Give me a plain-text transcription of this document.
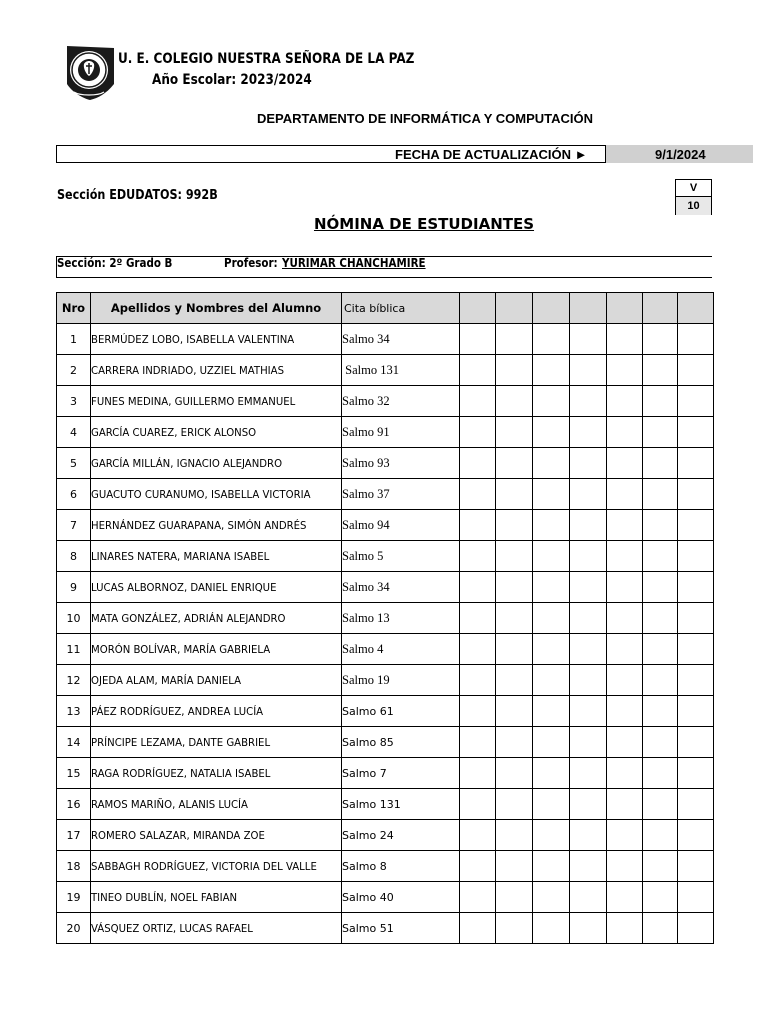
U. E. COLEGIO NUESTRA SEÑORA DE LA PAZ
Año Escolar: 2023/2024
DEPARTAMENTO DE INFORMÁTICA Y COMPUTACIÓN
FECHA DE ACTUALIZACIÓN ►	9/1/2024
Sección EDUDATOS: 992B	V
10
NÓMINA DE ESTUDIANTES
Sección: 2º Grado B	Profesor: YURIMAR CHANCHAMIRE
Nro	Apellidos y Nombres del Alumno	Cita bíblica							
1	BERMÚDEZ LOBO, ISABELLA VALENTINA	Salmo 34							
2	CARRERA INDRIADO, UZZIEL MATHIAS	Salmo 131							
3	FUNES MEDINA, GUILLERMO EMMANUEL	Salmo 32							
4	GARCÍA CUAREZ, ERICK ALONSO	Salmo 91							
5	GARCÍA MILLÁN, IGNACIO ALEJANDRO	Salmo 93							
6	GUACUTO CURANUMO, ISABELLA VICTORIA	Salmo 37							
7	HERNÁNDEZ GUARAPANA, SIMÓN ANDRÉS	Salmo 94							
8	LINARES NATERA, MARIANA ISABEL	Salmo 5							
9	LUCAS ALBORNOZ, DANIEL ENRIQUE	Salmo 34							
10	MATA GONZÁLEZ, ADRIÁN ALEJANDRO	Salmo 13							
11	MORÓN BOLÍVAR, MARÍA GABRIELA	Salmo 4							
12	OJEDA ALAM, MARÍA DANIELA	Salmo 19							
13	PÁEZ RODRÍGUEZ, ANDREA LUCÍA	Salmo 61							
14	PRÍNCIPE LEZAMA, DANTE GABRIEL	Salmo 85							
15	RAGA RODRÍGUEZ, NATALIA ISABEL	Salmo 7							
16	RAMOS MARIÑO, ALANIS LUCÍA	Salmo 131							
17	ROMERO SALAZAR, MIRANDA ZOE	Salmo 24							
18	SABBAGH RODRÍGUEZ, VICTORIA DEL VALLE	Salmo 8							
19	TINEO DUBLÍN, NOEL FABIAN	Salmo 40							
20	VÁSQUEZ ORTIZ, LUCAS RAFAEL	Salmo 51							
